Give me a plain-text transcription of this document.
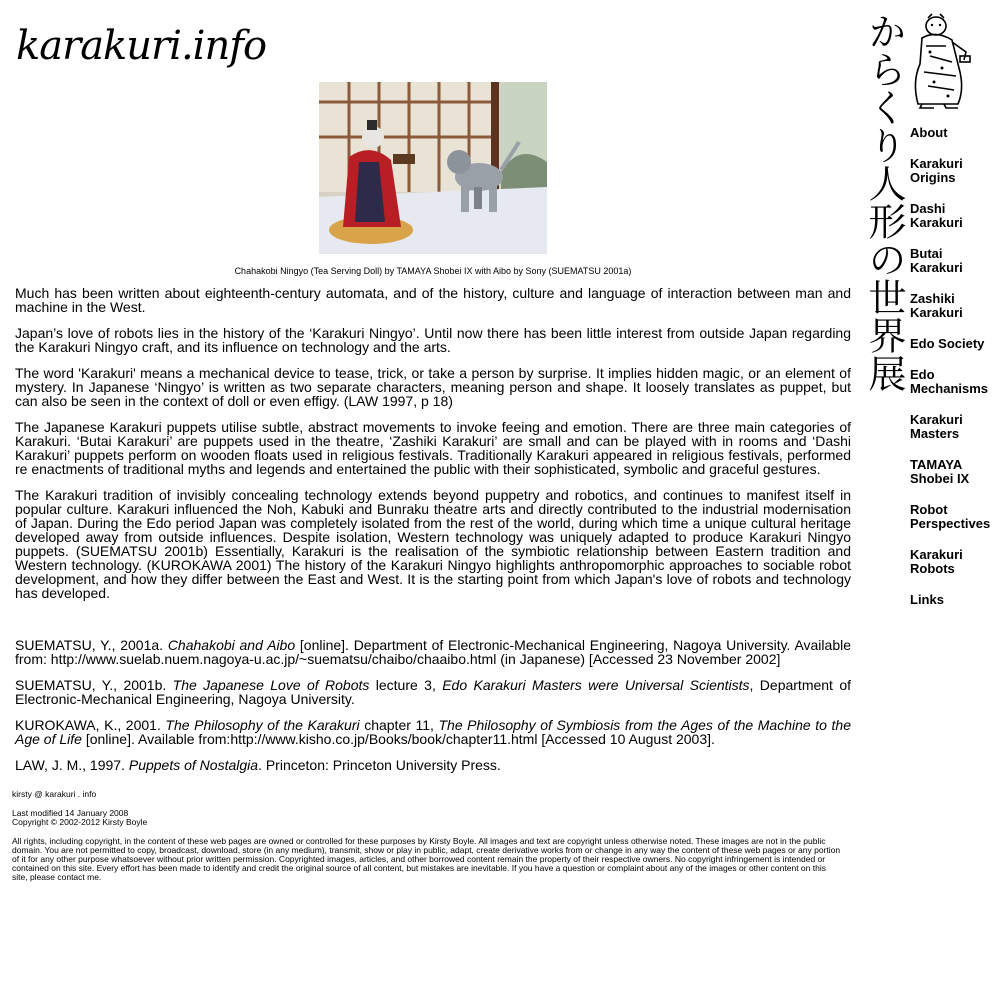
karakuri.info
Chahakobi Ningyo (Tea Serving Doll) by TAMAYA Shobei IX with Aibo by Sony (SUEMATSU 2001a)

Much has been written about eighteenth-century automata, and of the history, culture and language of interaction between man and machine in the West.

Japan’s love of robots lies in the history of the ‘Karakuri Ningyo’. Until now there has been little interest from outside Japan regarding the Karakuri Ningyo craft, and its influence on technology and the arts.

The word 'Karakuri' means a mechanical device to tease, trick, or take a person by surprise. It implies hidden magic, or an element of mystery. In Japanese ‘Ningyo’ is written as two separate characters, meaning person and shape. It loosely translates as puppet, but can also be seen in the context of doll or even effigy. (LAW 1997, p 18)

The Japanese Karakuri puppets utilise subtle, abstract movements to invoke feeing and emotion. There are three main categories of Karakuri. ‘Butai Karakuri’ are puppets used in the theatre, ‘Zashiki Karakuri’ are small and can be played with in rooms and ‘Dashi Karakuri’ puppets perform on wooden floats used in religious festivals. Traditionally Karakuri appeared in religious festivals, performed re enactments of traditional myths and legends and entertained the public with their sophisticated, symbolic and graceful gestures.

The Karakuri tradition of invisibly concealing technology extends beyond puppetry and robotics, and continues to manifest itself in popular culture. Karakuri influenced the Noh, Kabuki and Bunraku theatre arts and directly contributed to the industrial modernisation of Japan. During the Edo period Japan was completely isolated from the rest of the world, during which time a unique cultural heritage developed away from outside influences. Despite isolation, Western technology was uniquely adapted to produce Karakuri Ningyo puppets. (SUEMATSU 2001b) Essentially, Karakuri is the realisation of the symbiotic relationship between Eastern tradition and Western technology. (KUROKAWA 2001) The history of the Karakuri Ningyo highlights anthropomorphic approaches to sociable robot development, and how they differ between the East and West. It is the starting point from which Japan's love of robots and technology has developed.

SUEMATSU, Y., 2001a. Chahakobi and Aibo [online]. Department of Electronic-Mechanical Engineering, Nagoya University. Available from: http://www.suelab.nuem.nagoya-u.ac.jp/~suematsu/chaibo/chaaibo.html (in Japanese) [Accessed 23 November 2002]

SUEMATSU, Y., 2001b. The Japanese Love of Robots lecture 3, Edo Karakuri Masters were Universal Scientists, Department of Electronic-Mechanical Engineering, Nagoya University.

KUROKAWA, K., 2001. The Philosophy of the Karakuri chapter 11, The Philosophy of Symbiosis from the Ages of the Machine to the Age of Life [online]. Available from:http://www.kisho.co.jp/Books/book/chapter11.html [Accessed 10 August 2003].

LAW, J. M., 1997. Puppets of Nostalgia. Princeton: Princeton University Press.

kirsty @ karakuri . info
Last modified 14 January 2008
Copyright © 2002-2012 Kirsty Boyle
All rights, including copyright, in the content of these web pages are owned or controlled for these purposes by Kirsty Boyle. All images and text are copyright unless otherwise noted. These images are not in the public domain. You are not permitted to copy, broadcast, download, store (in any medium), transmit, show or play in public, adapt, create derivative works from or change in any way the content of these web pages or any portion of it for any other purpose whatsoever without prior written permission. Copyrighted images, articles, and other borrowed content remain the property of their respective owners. No copyright infringement is intended or contained on this site. Every effort has been made to identify and credit the original source of all content, but mistakes are inevitable. If you have a question or complaint about any of the images or other content on this site, please contact me.
からくり人形の世界展 About
Karakuri
Origins
Dashi
Karakuri
Butai
Karakuri
Zashiki
Karakuri
Edo Society
Edo
Mechanisms
Karakuri
Masters
TAMAYA
Shobei IX
Robot
Perspectives
Karakuri
Robots
Links
